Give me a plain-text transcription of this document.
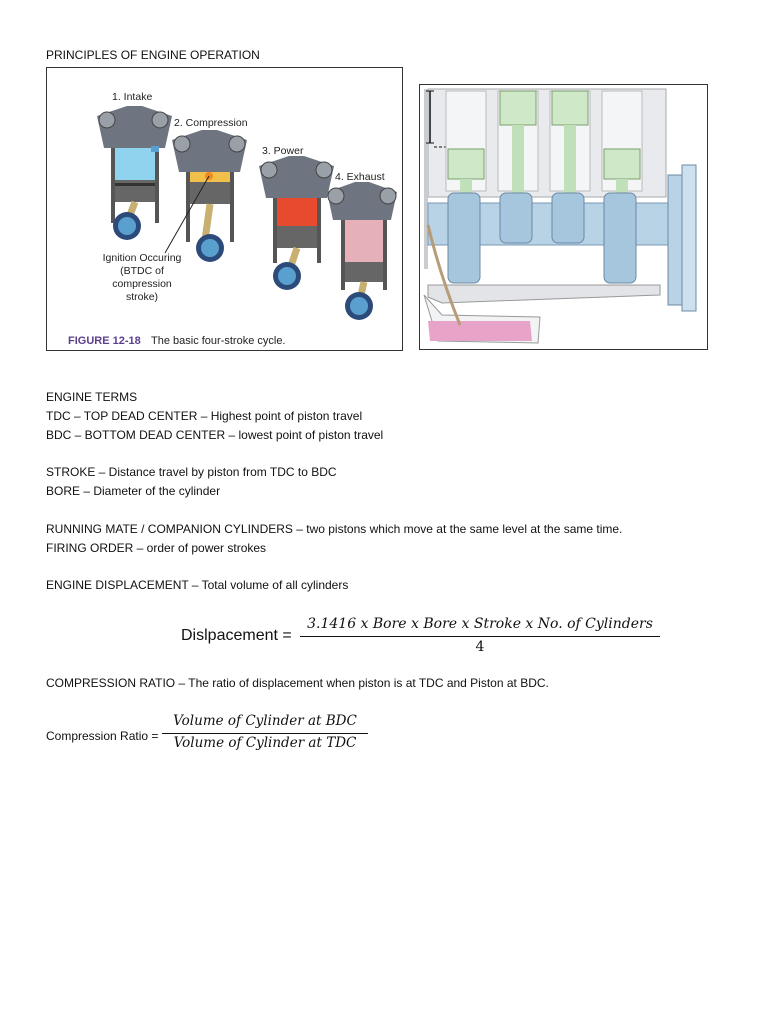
PRINCIPLES OF ENGINE OPERATION
1. Intake
2. Compression
3. Power
4. Exhaust
Ignition Occuring
(BTDC of
compression
stroke)
FIGURE 12-18 The basic four-stroke cycle.
ENGINE TERMS
TDC – TOP DEAD CENTER – Highest point of piston travel
BDC – BOTTOM DEAD CENTER – lowest point of piston travel
STROKE – Distance travel by piston from TDC to BDC
BORE – Diameter of the cylinder
RUNNING MATE / COMPANION CYLINDERS – two pistons which move at the same level at the same time.
FIRING ORDER – order of power strokes
ENGINE DISPLACEMENT – Total volume of all cylinders
Dislpacement =
3.1416 x Bore x Bore x Stroke x No. of Cylinders
4
COMPRESSION RATIO – The ratio of displacement when piston is at TDC and Piston at BDC.
Compression Ratio =
Volume of Cylinder at BDC
Volume of Cylinder at TDC
